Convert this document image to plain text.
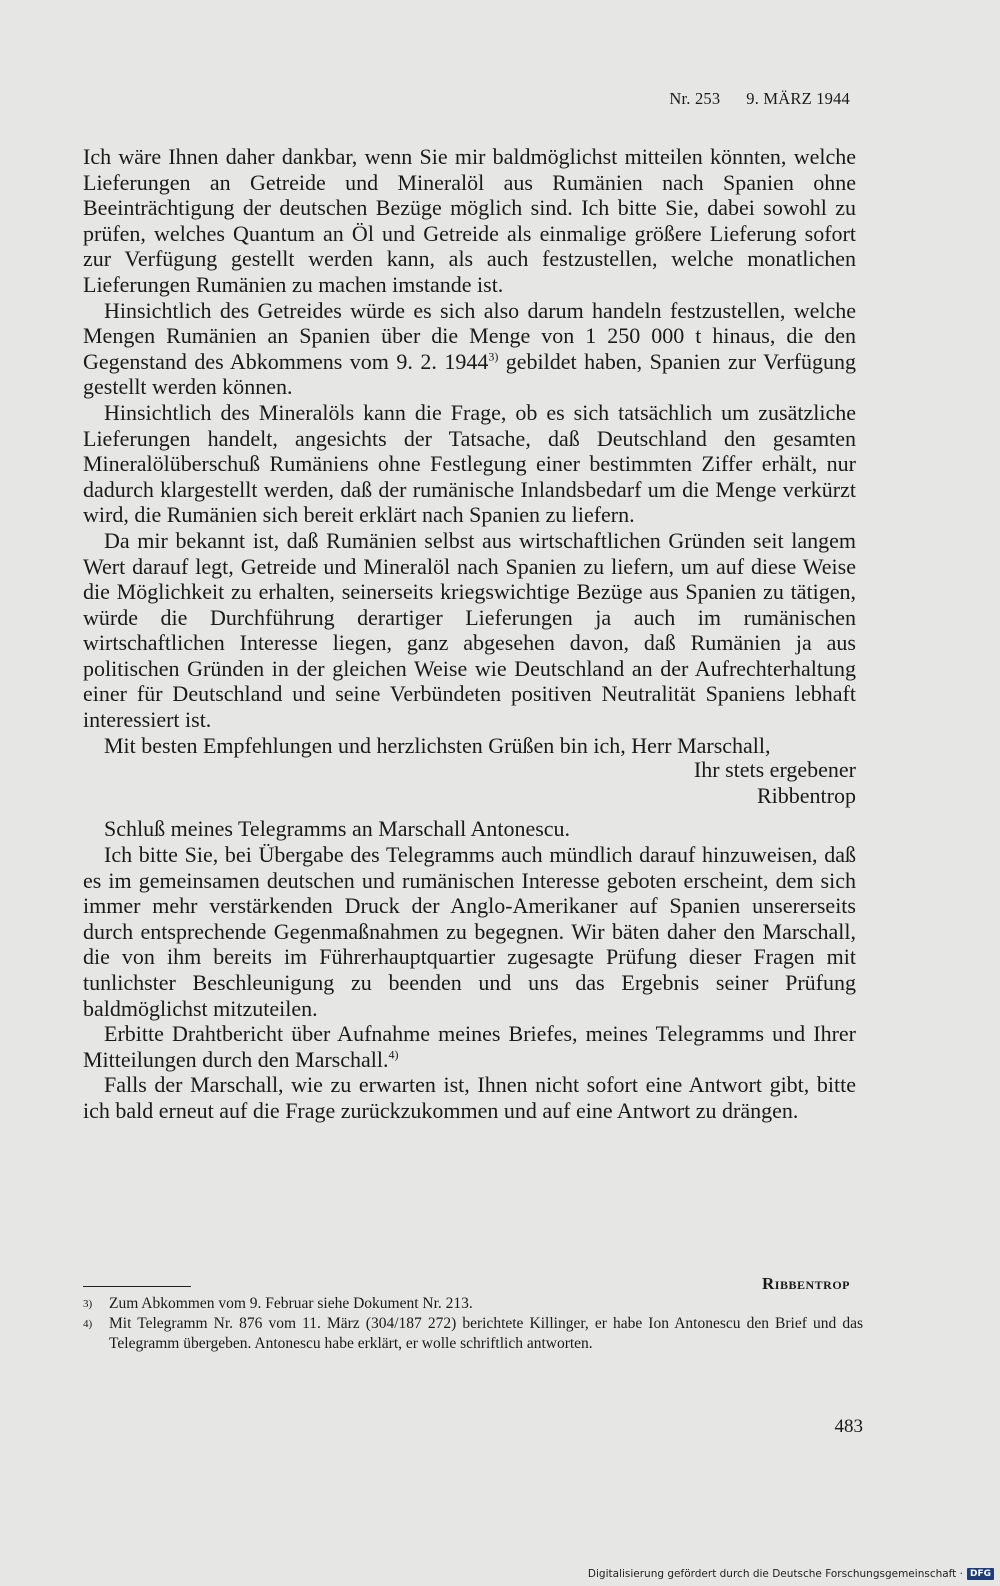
Nr. 253 9. MÄRZ 1944

Ich wäre Ihnen daher dankbar, wenn Sie mir baldmöglichst mitteilen könnten, welche Lieferungen an Getreide und Mineralöl aus Rumänien nach Spanien ohne Beeinträchtigung der deutschen Bezüge möglich sind. Ich bitte Sie, dabei sowohl zu prüfen, welches Quantum an Öl und Getreide als einmalige größere Lieferung sofort zur Verfügung gestellt werden kann, als auch festzustellen, welche monatlichen Lieferungen Rumänien zu machen imstande ist.

Hinsichtlich des Getreides würde es sich also darum handeln festzustellen, welche Mengen Rumänien an Spanien über die Menge von 1 250 000 t hinaus, die den Gegenstand des Abkommens vom 9. 2. 1944$^{3)}$ gebildet haben, Spanien zur Verfügung gestellt werden können.

Hinsichtlich des Mineralöls kann die Frage, ob es sich tatsächlich um zusätzliche Lieferungen handelt, angesichts der Tatsache, daß Deutschland den gesamten Mineralölüberschuß Rumäniens ohne Festlegung einer bestimmten Ziffer erhält, nur dadurch klargestellt werden, daß der rumänische Inlandsbedarf um die Menge verkürzt wird, die Rumänien sich bereit erklärt nach Spanien zu liefern.

Da mir bekannt ist, daß Rumänien selbst aus wirtschaftlichen Gründen seit langem Wert darauf legt, Getreide und Mineralöl nach Spanien zu liefern, um auf diese Weise die Möglichkeit zu erhalten, seinerseits kriegswichtige Bezüge aus Spanien zu tätigen, würde die Durchführung derartiger Lieferungen ja auch im rumänischen wirtschaftlichen Interesse liegen, ganz abgesehen davon, daß Rumänien ja aus politischen Gründen in der gleichen Weise wie Deutschland an der Aufrechterhaltung einer für Deutschland und seine Verbündeten positiven Neutralität Spaniens lebhaft interessiert ist.

Mit besten Empfehlungen und herzlichsten Grüßen bin ich, Herr Marschall,

Ihr stets ergebener

Ribbentrop

Schluß meines Telegramms an Marschall Antonescu.

Ich bitte Sie, bei Übergabe des Telegramms auch mündlich darauf hinzuweisen, daß es im gemeinsamen deutschen und rumänischen Interesse geboten erscheint, dem sich immer mehr verstärkenden Druck der Anglo-Amerikaner auf Spanien unsererseits durch entsprechende Gegenmaßnahmen zu begegnen. Wir bäten daher den Marschall, die von ihm bereits im Führerhauptquartier zugesagte Prüfung dieser Fragen mit tunlichster Beschleunigung zu beenden und uns das Ergebnis seiner Prüfung baldmöglichst mitzuteilen.

Erbitte Drahtbericht über Aufnahme meines Briefes, meines Telegramms und Ihrer Mitteilungen durch den Marschall.$^{4)}$

Falls der Marschall, wie zu erwarten ist, Ihnen nicht sofort eine Antwort gibt, bitte ich bald erneut auf die Frage zurückzukommen und auf eine Antwort zu drängen.

Ribbentrop
3)	Zum Abkommen vom 9. Februar siehe Dokument Nr. 213.
4)	Mit Telegramm Nr. 876 vom 11. März (304/187 272) berichtete Killinger, er habe Ion Antonescu den Brief und das Telegramm übergeben. Antonescu habe erklärt, er wolle schriftlich antworten.
483
Digitalisierung gefördert durch die Deutsche Forschungsgemeinschaft · DFG
